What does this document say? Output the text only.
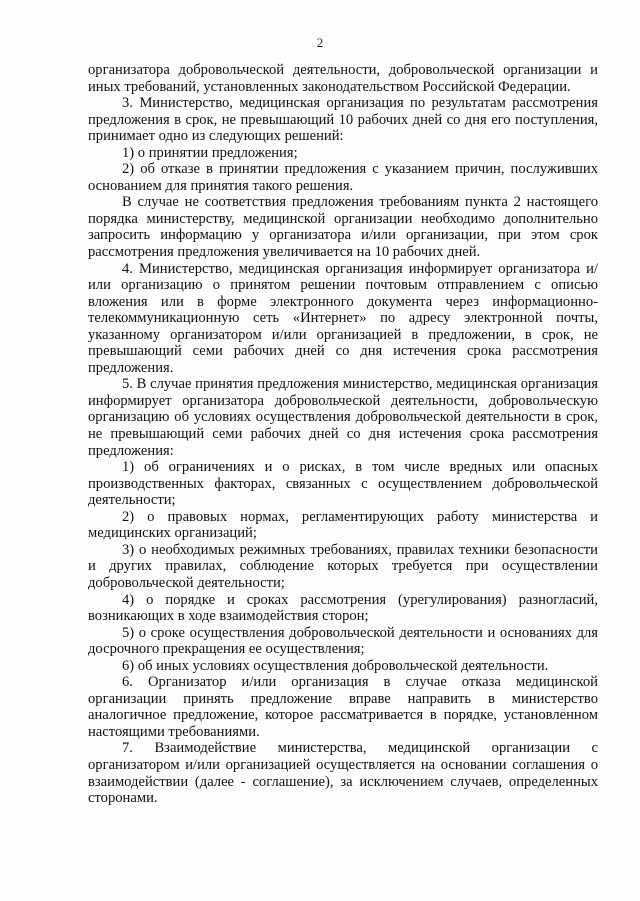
2

организатора добровольческой деятельности, добровольческой организации и иных требований, установленных законодательством Российской Федерации.

3. Министерство, медицинская организация по результатам рассмотрения предложения в срок, не превышающий 10 рабочих дней со дня его поступления, принимает одно из следующих решений:

1) о принятии предложения;

2) об отказе в принятии предложения с указанием причин, послуживших основанием для принятия такого решения.

В случае не соответствия предложения требованиям пункта 2 настоящего порядка министерству, медицинской организации необходимо дополнительно запросить информацию у организатора и/или организации, при этом срок рассмотрения предложения увеличивается на 10 рабочих дней.

4. Министерство, медицинская организация информирует организатора и/или организацию о принятом решении почтовым отправлением с описью вложения или в форме электронного документа через информационно-телекоммуникационную сеть «Интернет» по адресу электронной почты, указанному организатором и/или организацией в предложении, в срок, не превышающий семи рабочих дней со дня истечения срока рассмотрения предложения.

5. В случае принятия предложения министерство, медицинская организация информирует организатора добровольческой деятельности, добровольческую организацию об условиях осуществления добровольческой деятельности в срок, не превышающий семи рабочих дней со дня истечения срока рассмотрения предложения:

1) об ограничениях и о рисках, в том числе вредных или опасных производственных факторах, связанных с осуществлением добровольческой деятельности;

2) о правовых нормах, регламентирующих работу министерства и медицинских организаций;

3) о необходимых режимных требованиях, правилах техники безопасности и других правилах, соблюдение которых требуется при осуществлении добровольческой деятельности;

4) о порядке и сроках рассмотрения (урегулирования) разногласий, возникающих в ходе взаимодействия сторон;

5) о сроке осуществления добровольческой деятельности и основаниях для досрочного прекращения ее осуществления;

6) об иных условиях осуществления добровольческой деятельности.

6. Организатор и/или организация в случае отказа медицинской организации принять предложение вправе направить в министерство аналогичное предложение, которое рассматривается в порядке, установленном настоящими требованиями.

7. Взаимодействие министерства, медицинской организации с организатором и/или организацией осуществляется на основании соглашения о взаимодействии (далее - соглашение), за исключением случаев, определенных сторонами.
